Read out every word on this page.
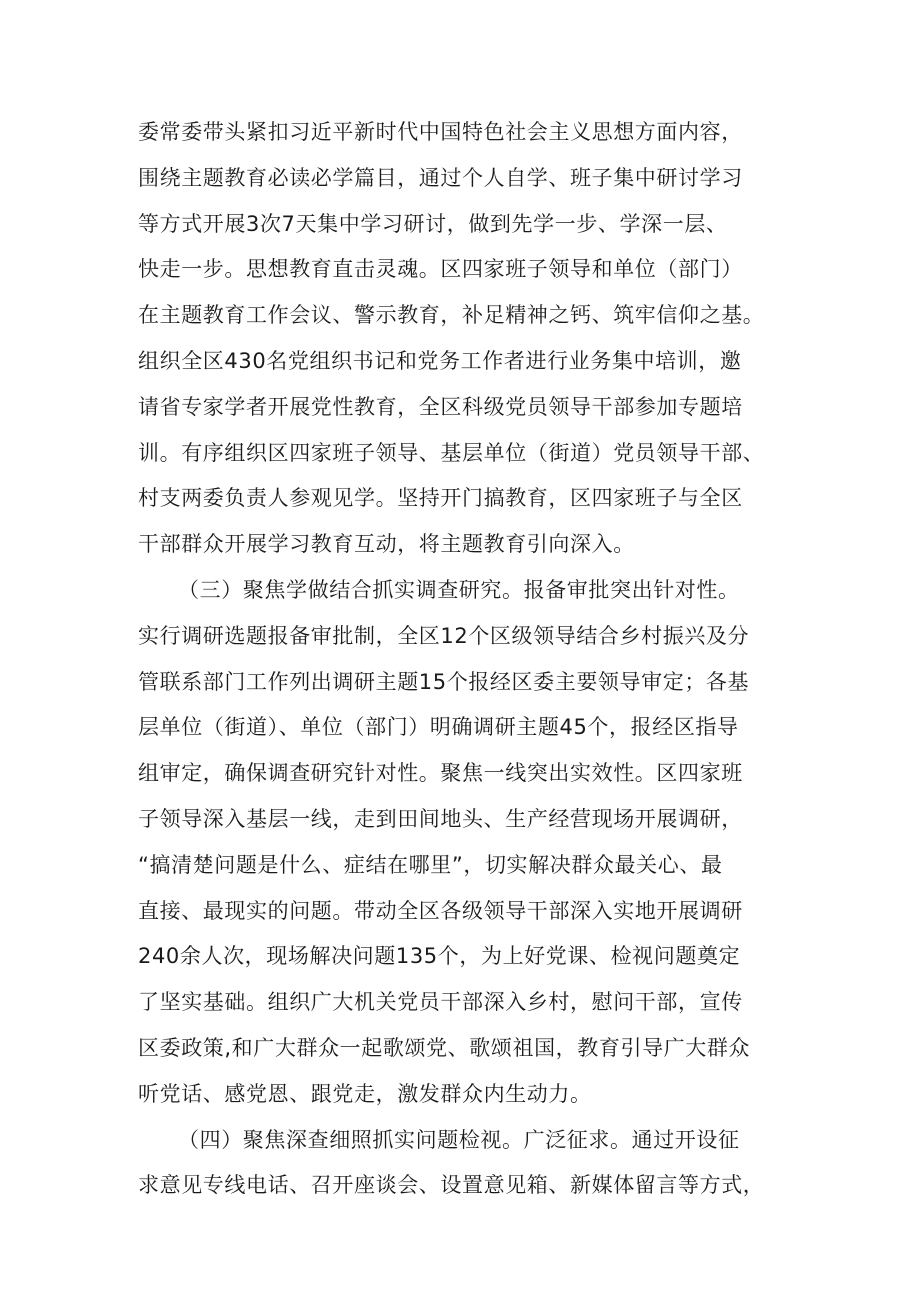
委常委带头紧扣习近平新时代中国特色社会主义思想方面内容，
围绕主题教育必读必学篇目，通过个人自学、班子集中研讨学习
等方式开展3次7天集中学习研讨，做到先学一步、学深一层、
快走一步。思想教育直击灵魂。区四家班子领导和单位（部门）
在主题教育工作会议、警示教育，补足精神之钙、筑牢信仰之基。
组织全区430名党组织书记和党务工作者进行业务集中培训，邀
请省专家学者开展党性教育，全区科级党员领导干部参加专题培
训。有序组织区四家班子领导、基层单位（街道）党员领导干部、
村支两委负责人参观见学。坚持开门搞教育，区四家班子与全区
干部群众开展学习教育互动，将主题教育引向深入。
（三）聚焦学做结合抓实调查研究。报备审批突出针对性。
实行调研选题报备审批制，全区12个区级领导结合乡村振兴及分
管联系部门工作列出调研主题15个报经区委主要领导审定；各基
层单位（街道）、单位（部门）明确调研主题45个，报经区指导
组审定，确保调查研究针对性。聚焦一线突出实效性。区四家班
子领导深入基层一线，走到田间地头、生产经营现场开展调研，
“搞清楚问题是什么、症结在哪里”，切实解决群众最关心、最
直接、最现实的问题。带动全区各级领导干部深入实地开展调研
240余人次，现场解决问题135个，为上好党课、检视问题奠定
了坚实基础。组织广大机关党员干部深入乡村，慰问干部，宣传
区委政策,和广大群众一起歌颂党、歌颂祖国，教育引导广大群众
听党话、感党恩、跟党走，激发群众内生动力。
（四）聚焦深查细照抓实问题检视。广泛征求。通过开设征
求意见专线电话、召开座谈会、设置意见箱、新媒体留言等方式，
